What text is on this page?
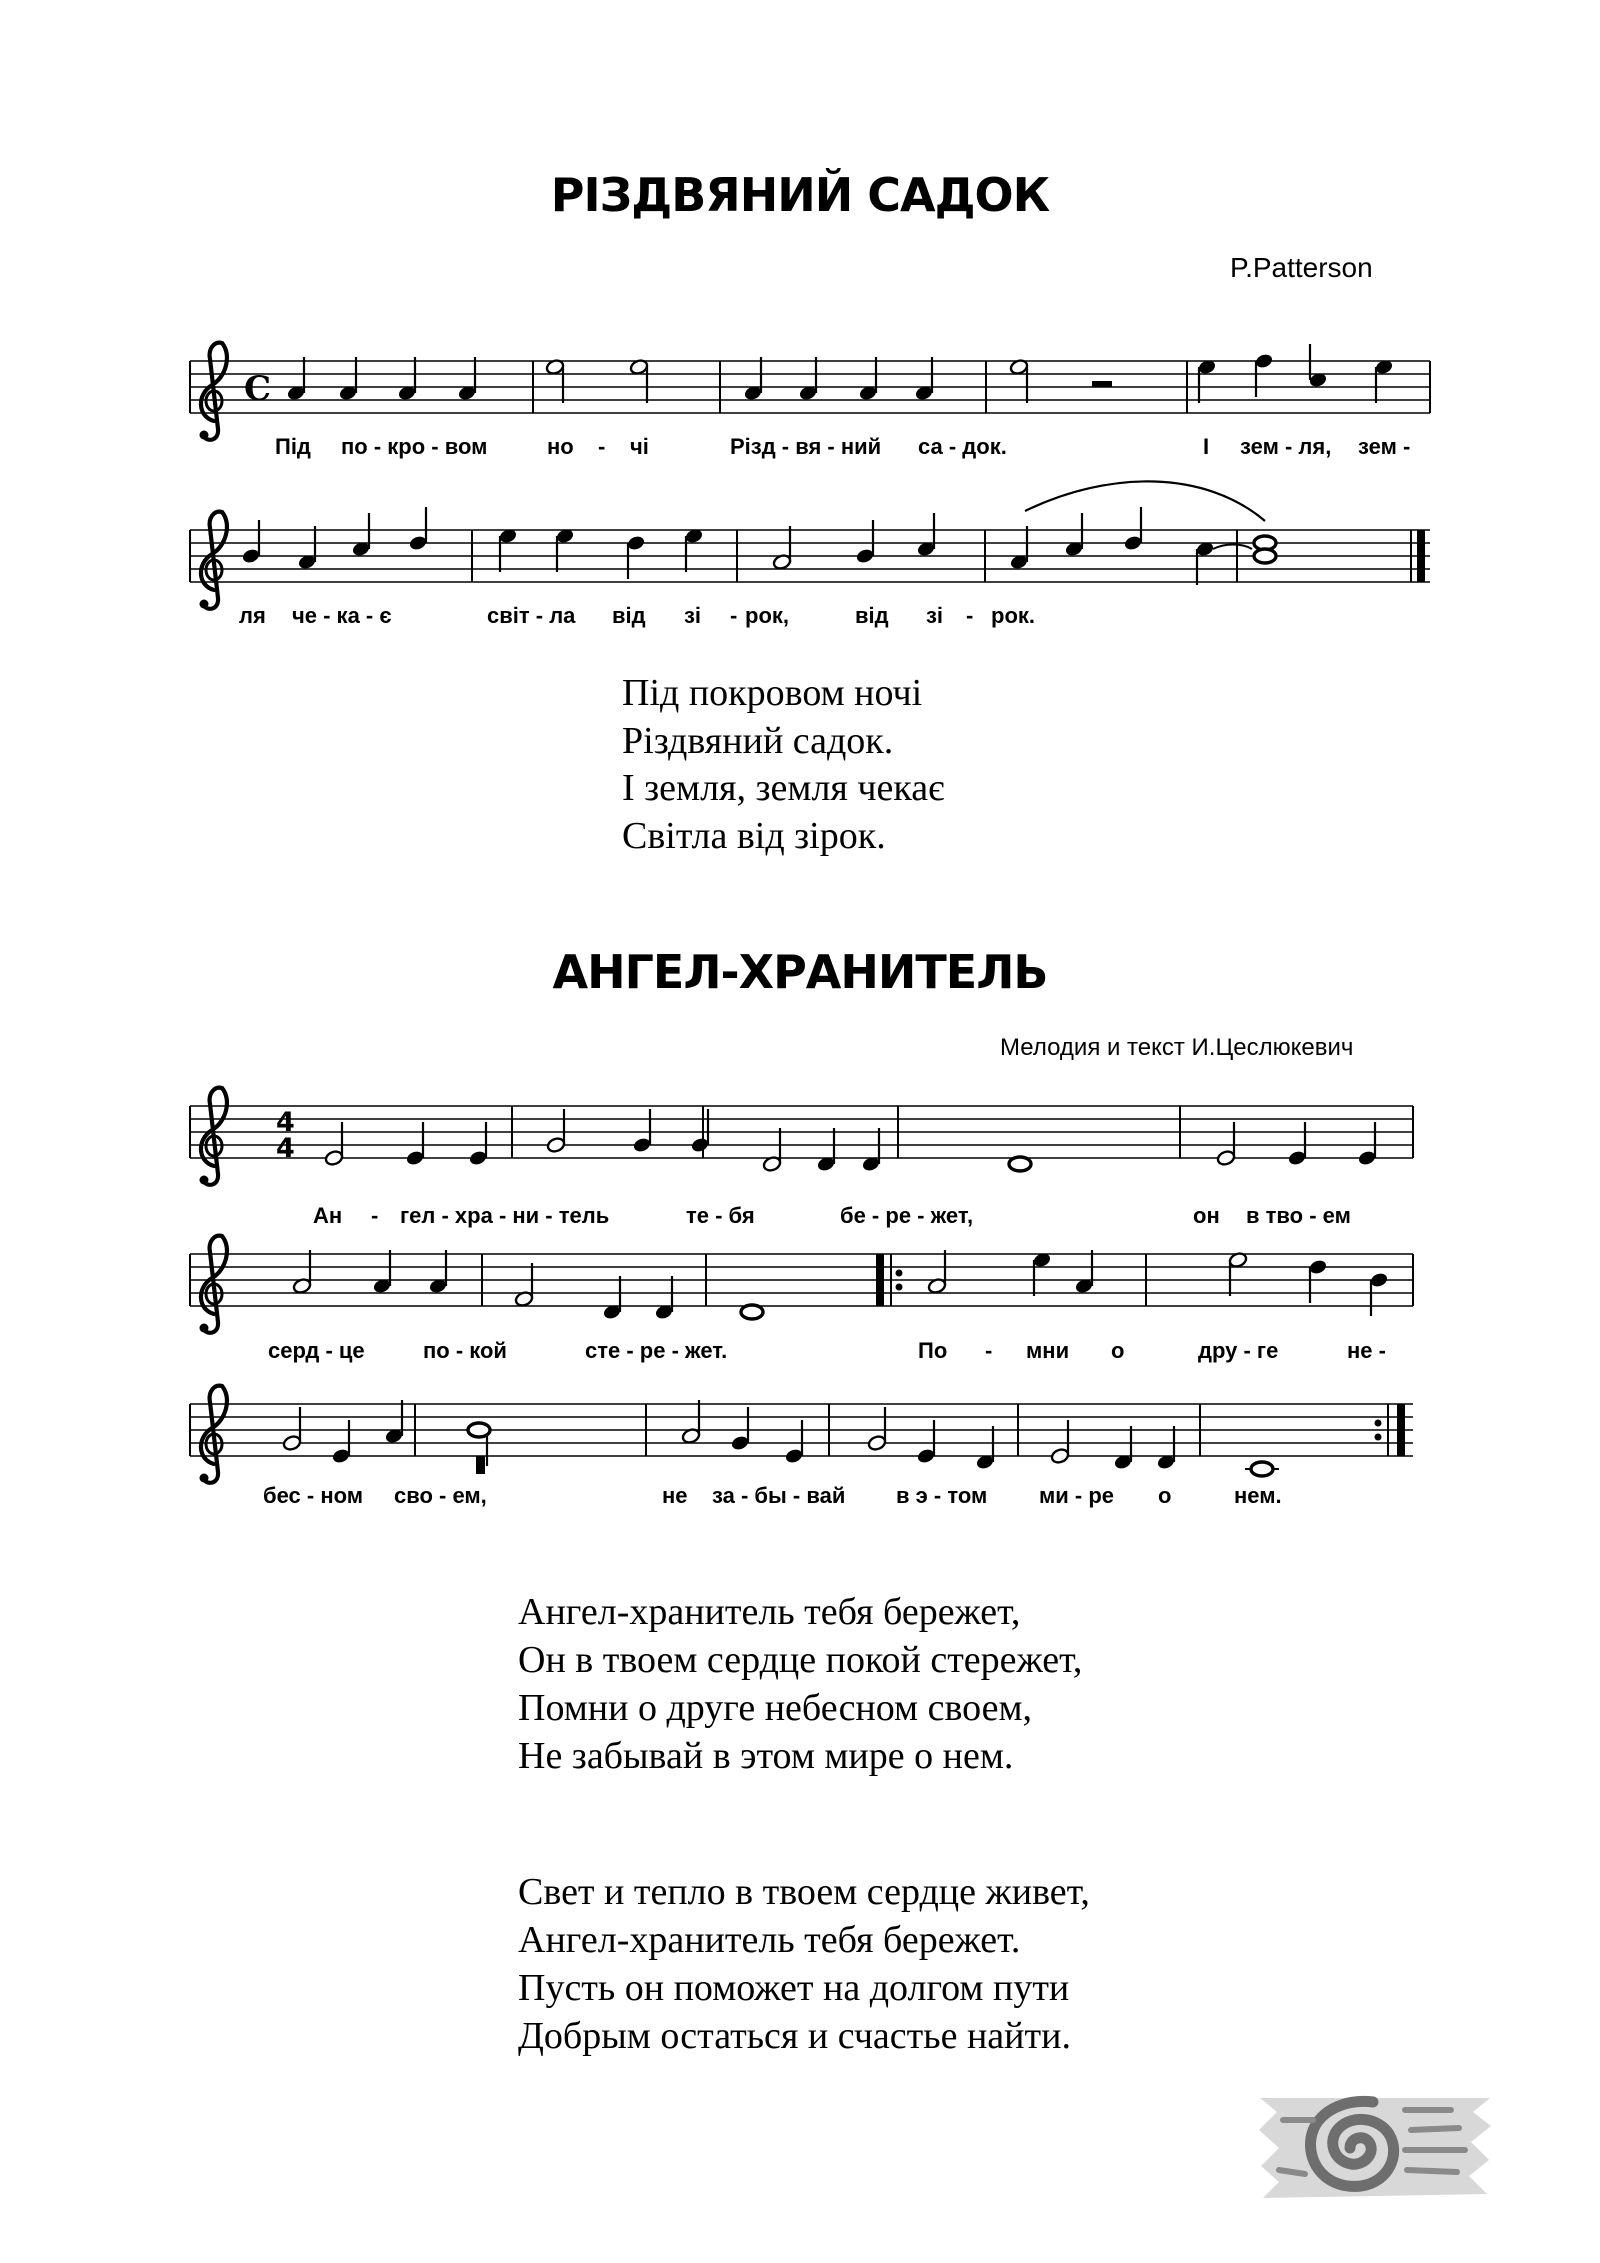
РІЗДВЯНИЙ САДОК
P.Patterson
C
4
4
Під по - кро - вом	но - чі	Різд - вя - ний са - док.	І зем - ля, зем -
ля че - ка - є	світ - ла від зі - рок,	від зі - рок.
Під покровом ночі
Різдвяний садок.
І земля, земля чекає
Світла від зірок.
АНГЕЛ-ХРАНИТЕЛЬ
Мелодия и текст И.Цеслюкевич
Ан - гел - хра - ни - тель	те - бя	бе - ре - жет,	он в тво - ем
серд - це	по - кой	сте - ре - жет.	По - мни о	дру - ге	не -
бес - ном сво - ем,	не за - бы - вай в э - том ми - ре о	нем.
Ангел-хранитель тебя бережет,
Он в твоем сердце покой стережет,
Помни о друге небесном своем,
Не забывай в этом мире о нем.
Свет и тепло в твоем сердце живет,
Ангел-хранитель тебя бережет.
Пусть он поможет на долгом пути
Добрым остаться и счастье найти.
